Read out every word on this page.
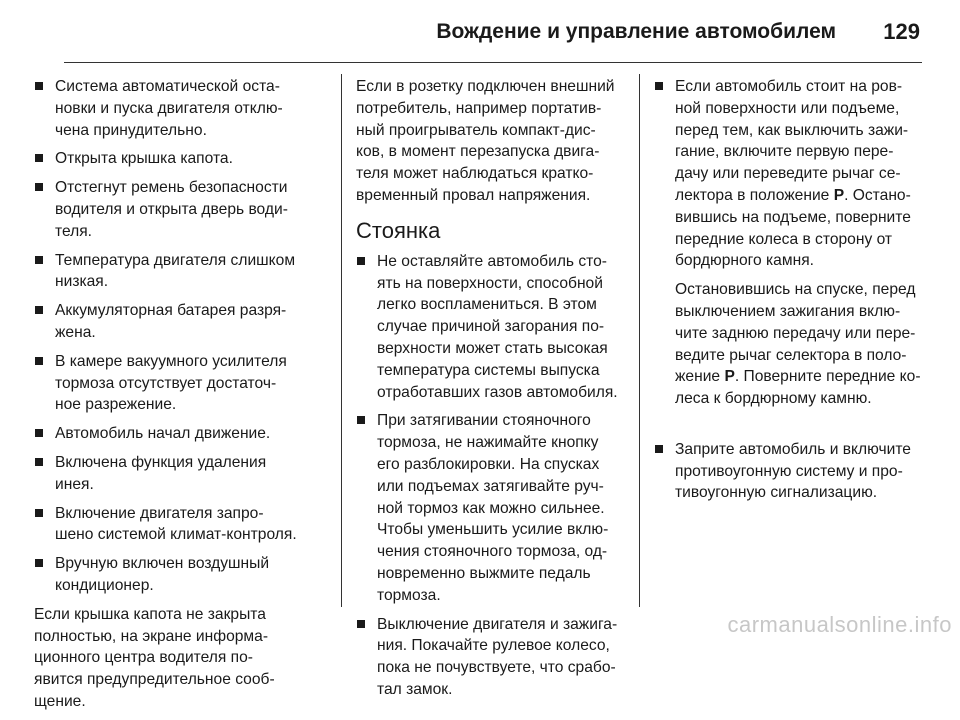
Вождение и управление автомобилем 129
Система автоматической оста-
новки и пуска двигателя отклю-
чена принудительно.
Открыта крышка капота.
Отстегнут ремень безопасности
водителя и открыта дверь води-
теля.
Температура двигателя слишком
низкая.
Аккумуляторная батарея разря-
жена.
В камере вакуумного усилителя
тормоза отсутствует достаточ-
ное разрежение.
Автомобиль начал движение.
Включена функция удаления
инея.
Включение двигателя запро-
шено системой климат-контроля.
Вручную включен воздушный
кондиционер.

Если крышка капота не закрыта
полностью, на экране информа-
ционного центра водителя по-
явится предупредительное сооб-
щение.

Если в розетку подключен внешний
потребитель, например портатив-
ный проигрыватель компакт-дис-
ков, в момент перезапуска двига-
теля может наблюдаться кратко-
временный провал напряжения.

Стоянка
Не оставляйте автомобиль сто-
ять на поверхности, способной
легко воспламениться. В этом
случае причиной загорания по-
верхности может стать высокая
температура системы выпуска
отработавших газов автомобиля.
При затягивании стояночного
тормоза, не нажимайте кнопку
его разблокировки. На спусках
или подъемах затягивайте руч-
ной тормоз как можно сильнее.
Чтобы уменьшить усилие вклю-
чения стояночного тормоза, од-
новременно выжмите педаль
тормоза.
Выключение двигателя и зажига-
ния. Покачайте рулевое колесо,
пока не почувствуете, что срабо-
тал замок.
Если автомобиль стоит на ров-
ной поверхности или подъеме,
перед тем, как выключить зажи-
гание, включите первую пере-
дачу или переведите рычаг се-
лектора в положение P. Остано-
вившись на подъеме, поверните
передние колеса в сторону от
бордюрного камня.

Остановившись на спуске, перед
выключением зажигания вклю-
чите заднюю передачу или пере-
ведите рычаг селектора в поло-
жение P. Поверните передние ко-
леса к бордюрному камню.

Заприте автомобиль и включите
противоугонную систему и про-
тивоугонную сигнализацию.
carmanualsonline.info
